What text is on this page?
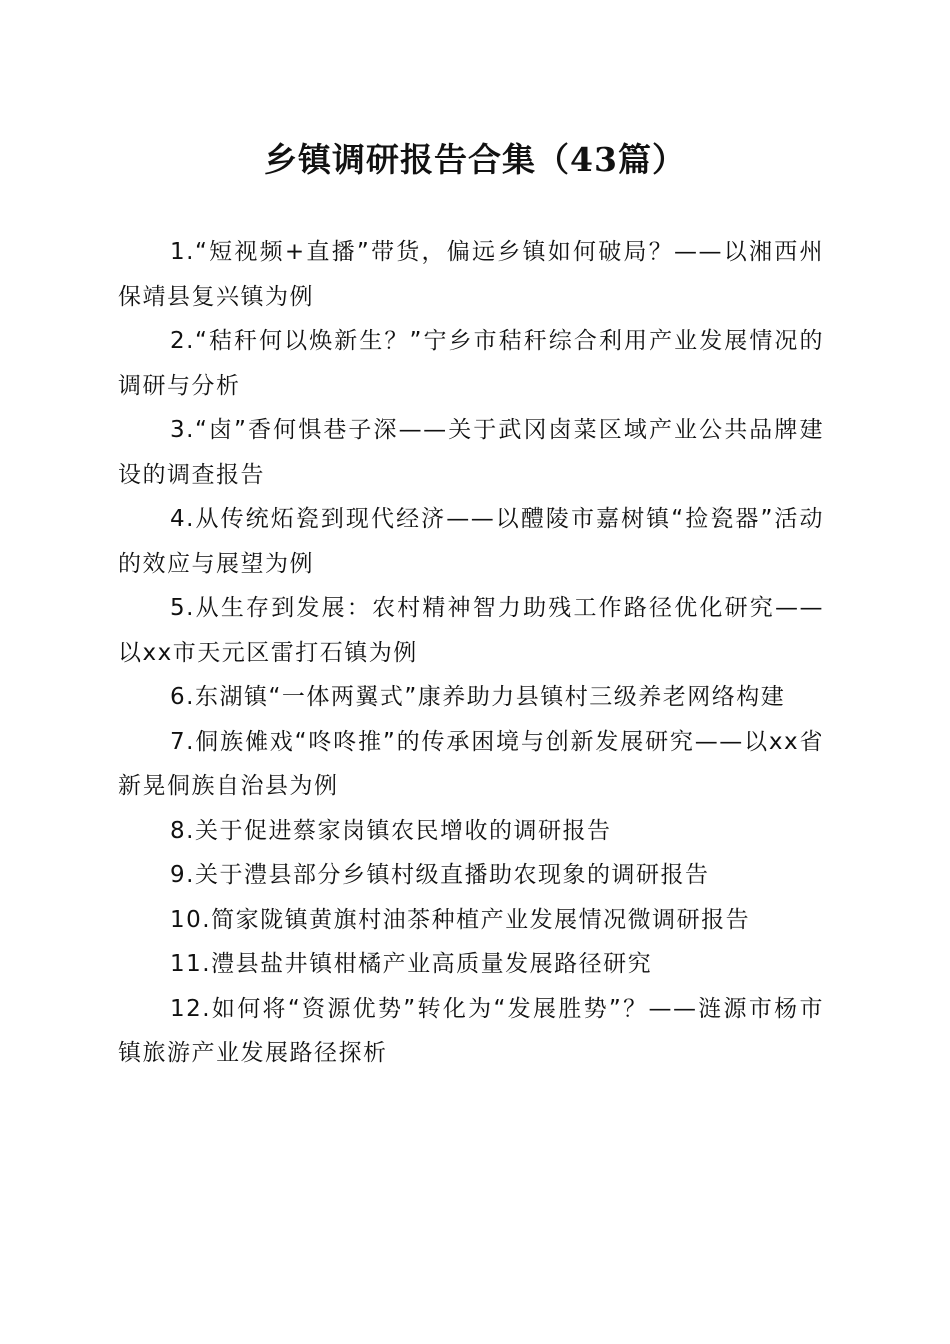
乡镇调研报告合集（43篇）
1.“短视频+直播”带货，偏远乡镇如何破局？——以湘西州保靖县复兴镇为例
2.“秸秆何以焕新生？”宁乡市秸秆综合利用产业发展情况的调研与分析
3.“卤”香何惧巷子深——关于武冈卤菜区域产业公共品牌建设的调查报告
4.从传统炻瓷到现代经济——以醴陵市嘉树镇“捡瓷器”活动的效应与展望为例
5.从生存到发展：农村精神智力助残工作路径优化研究——以xx市天元区雷打石镇为例
6.东湖镇“一体两翼式”康养助力县镇村三级养老网络构建
7.侗族傩戏“咚咚推”的传承困境与创新发展研究——以xx省新晃侗族自治县为例
8.关于促进蔡家岗镇农民增收的调研报告
9.关于澧县部分乡镇村级直播助农现象的调研报告
10.简家陇镇黄旗村油茶种植产业发展情况微调研报告
11.澧县盐井镇柑橘产业高质量发展路径研究
12.如何将“资源优势”转化为“发展胜势”？——涟源市杨市镇旅游产业发展路径探析
